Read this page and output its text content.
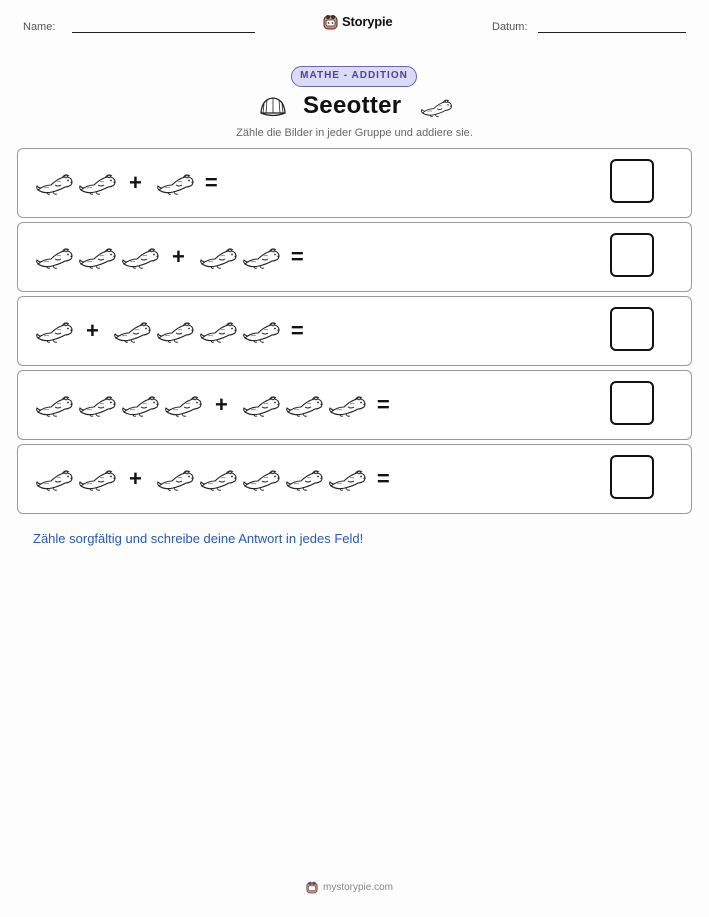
Name:	Storypie	Datum:
MATHE - ADDITION
Seeotter
Zähle die Bilder in jeder Gruppe und addiere sie.
+	=
+	=
+	=
+	=
+	=
Zähle sorgfältig und schreibe deine Antwort in jedes Feld!
mystorypie.com
